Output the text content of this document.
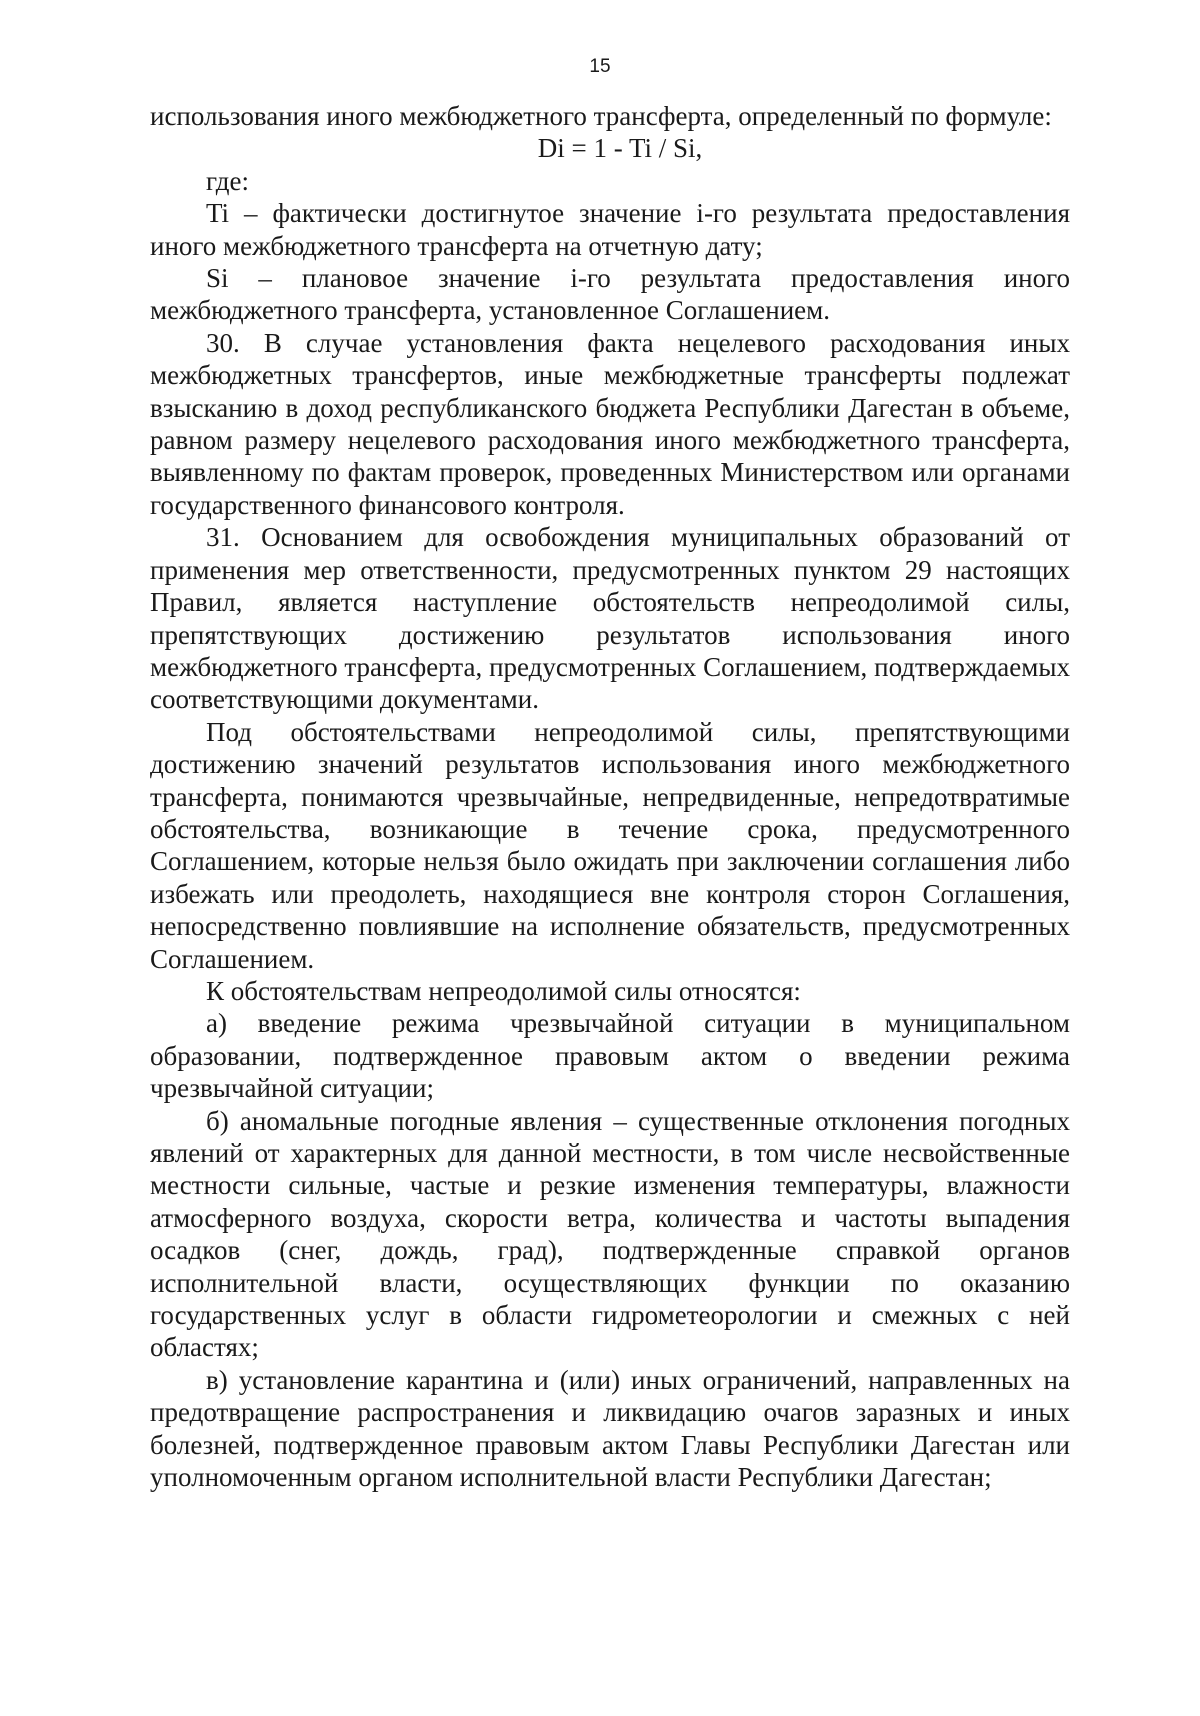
15

использования иного межбюджетного трансферта, определенный по формуле:

Di = 1 - Ti / Si,

где:

Ti – фактически достигнутое значение i-го результата предоставления иного межбюджетного трансферта на отчетную дату;

Si – плановое значение i-го результата предоставления иного межбюджетного трансферта, установленное Соглашением.

30. В случае установления факта нецелевого расходования иных межбюджетных трансфертов, иные межбюджетные трансферты подлежат взысканию в доход республиканского бюджета Республики Дагестан в объеме, равном размеру нецелевого расходования иного межбюджетного трансферта, выявленному по фактам проверок, проведенных Министерством или органами государственного финансового контроля.

31. Основанием для освобождения муниципальных образований от применения мер ответственности, предусмотренных пунктом 29 настоящих Правил, является наступление обстоятельств непреодолимой силы, препятствующих достижению результатов использования иного межбюджетного трансферта, предусмотренных Соглашением, подтверждаемых соответствующими документами.

Под обстоятельствами непреодолимой силы, препятствующими достижению значений результатов использования иного межбюджетного трансферта, понимаются чрезвычайные, непредвиденные, непредотвратимые обстоятельства, возникающие в течение срока, предусмотренного Соглашением, которые нельзя было ожидать при заключении соглашения либо избежать или преодолеть, находящиеся вне контроля сторон Соглашения, непосредственно повлиявшие на исполнение обязательств, предусмотренных Соглашением.

К обстоятельствам непреодолимой силы относятся:

а) введение режима чрезвычайной ситуации в муниципальном образовании, подтвержденное правовым актом о введении режима чрезвычайной ситуации;

б) аномальные погодные явления – существенные отклонения погодных явлений от характерных для данной местности, в том числе несвойственные местности сильные, частые и резкие изменения температуры, влажности атмосферного воздуха, скорости ветра, количества и частоты выпадения осадков (снег, дождь, град), подтвержденные справкой органов исполнительной власти, осуществляющих функции по оказанию государственных услуг в области гидрометеорологии и смежных с ней областях;

в) установление карантина и (или) иных ограничений, направленных на предотвращение распространения и ликвидацию очагов заразных и иных болезней, подтвержденное правовым актом Главы Республики Дагестан или уполномоченным органом исполнительной власти Республики Дагестан;
